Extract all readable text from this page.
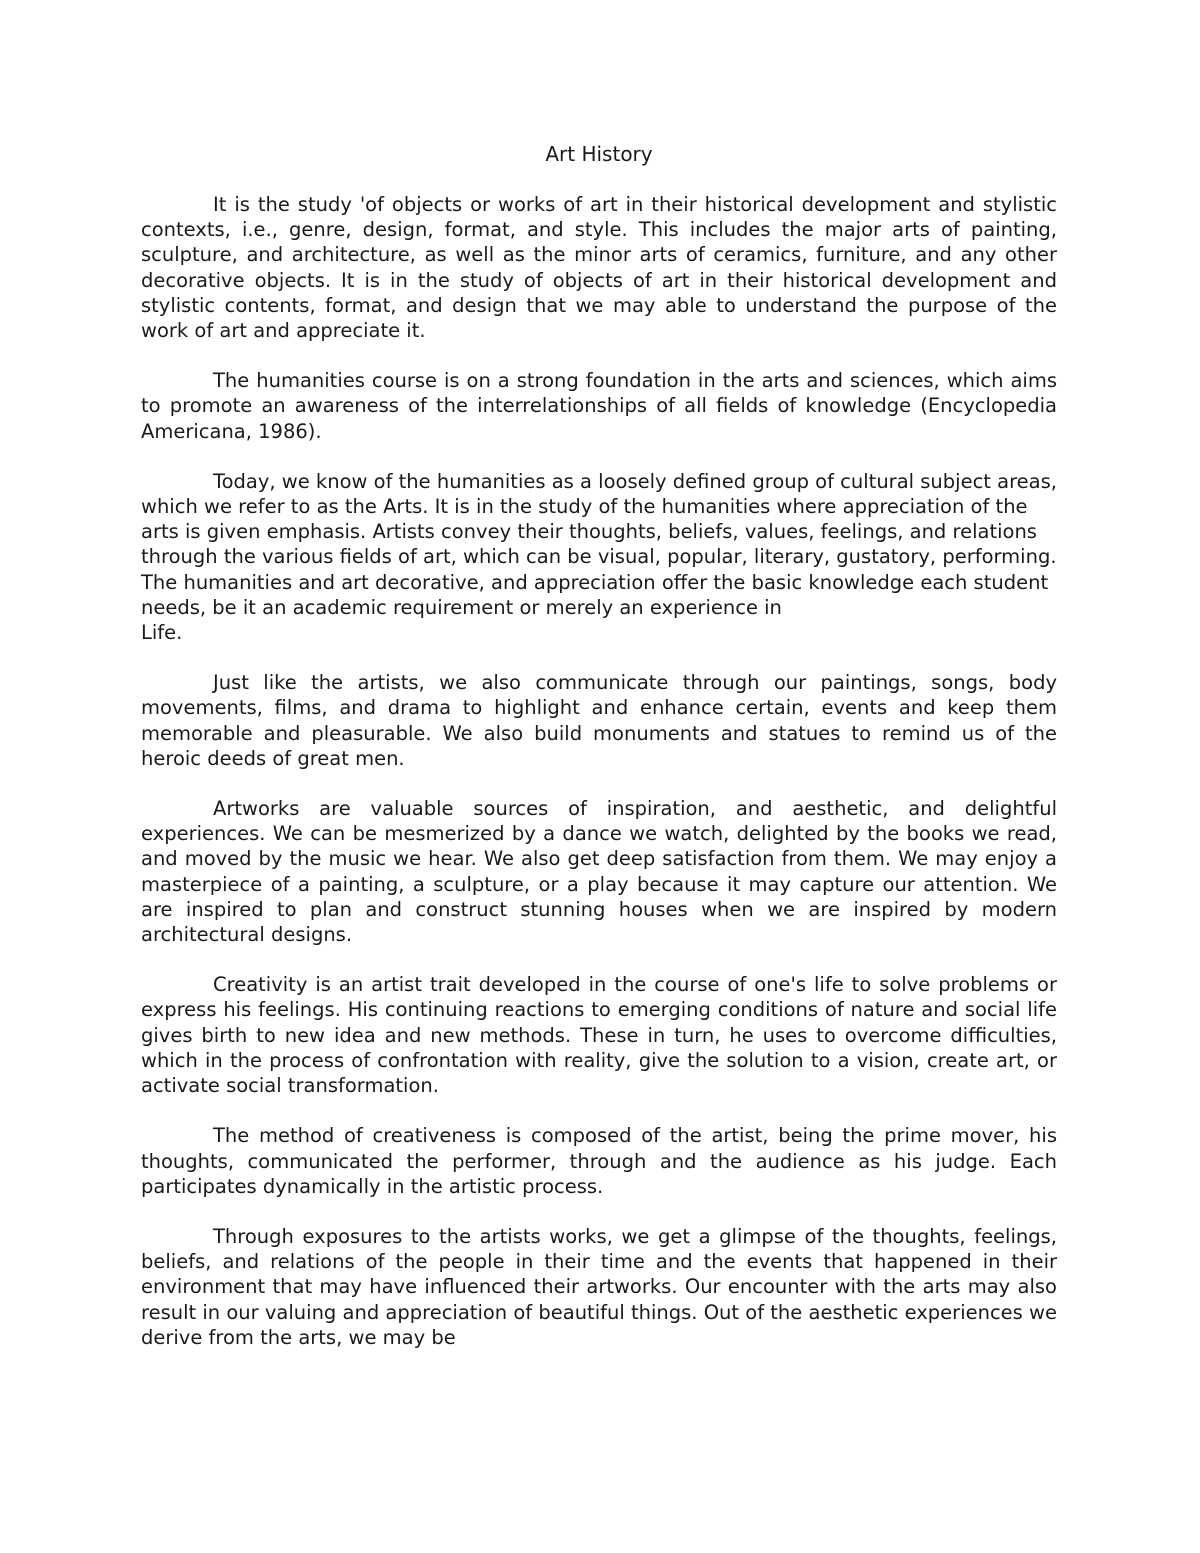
Art History

It is the study 'of objects or works of art in their historical development and stylistic contexts, i.e., genre, design, format, and style. This includes the major arts of painting, sculpture, and architecture, as well as the minor arts of ceramics, furniture, and any other decorative objects. It is in the study of objects of art in their historical development and stylistic contents, format, and design that we may able to understand the purpose of the work of art and appreciate it.

The humanities course is on a strong foundation in the arts and sciences, which aims to promote an awareness of the interrelationships of all fields of knowledge (Encyclopedia Americana, 1986).

Today, we know of the humanities as a loosely defined group of cultural subject areas, which we refer to as the Arts. It is in the study of the humanities where appreciation of the arts is given emphasis. Artists convey their thoughts, beliefs, values, feelings, and relations through the various fields of art, which can be visual, popular, literary, gustatory, performing. The humanities and art decorative, and appreciation offer the basic knowledge each student needs, be it an academic requirement or merely an experience in
Life.

Just like the artists, we also communicate through our paintings, songs, body movements, films, and drama to highlight and enhance certain, events and keep them memorable and pleasurable. We also build monuments and statues to remind us of the heroic deeds of great men.

Artworks are valuable sources of inspiration, and aesthetic, and delightful experiences. We can be mesmerized by a dance we watch, delighted by the books we read, and moved by the music we hear. We also get deep satisfaction from them. We may enjoy a masterpiece of a painting, a sculpture, or a play because it may capture our attention. We are inspired to plan and construct stunning houses when we are inspired by modern architectural designs.

Creativity is an artist trait developed in the course of one's life to solve problems or express his feelings. His continuing reactions to emerging conditions of nature and social life gives birth to new idea and new methods. These in turn, he uses to overcome difficulties, which in the process of confrontation with reality, give the solution to a vision, create art, or activate social transformation.

The method of creativeness is composed of the artist, being the prime mover, his thoughts, communicated the performer, through and the audience as his judge. Each participates dynamically in the artistic process.

Through exposures to the artists works, we get a glimpse of the thoughts, feelings, beliefs, and relations of the people in their time and the events that happened in their environment that may have influenced their artworks. Our encounter with the arts may also result in our valuing and appreciation of beautiful things. Out of the aesthetic experiences we derive from the arts, we may be
